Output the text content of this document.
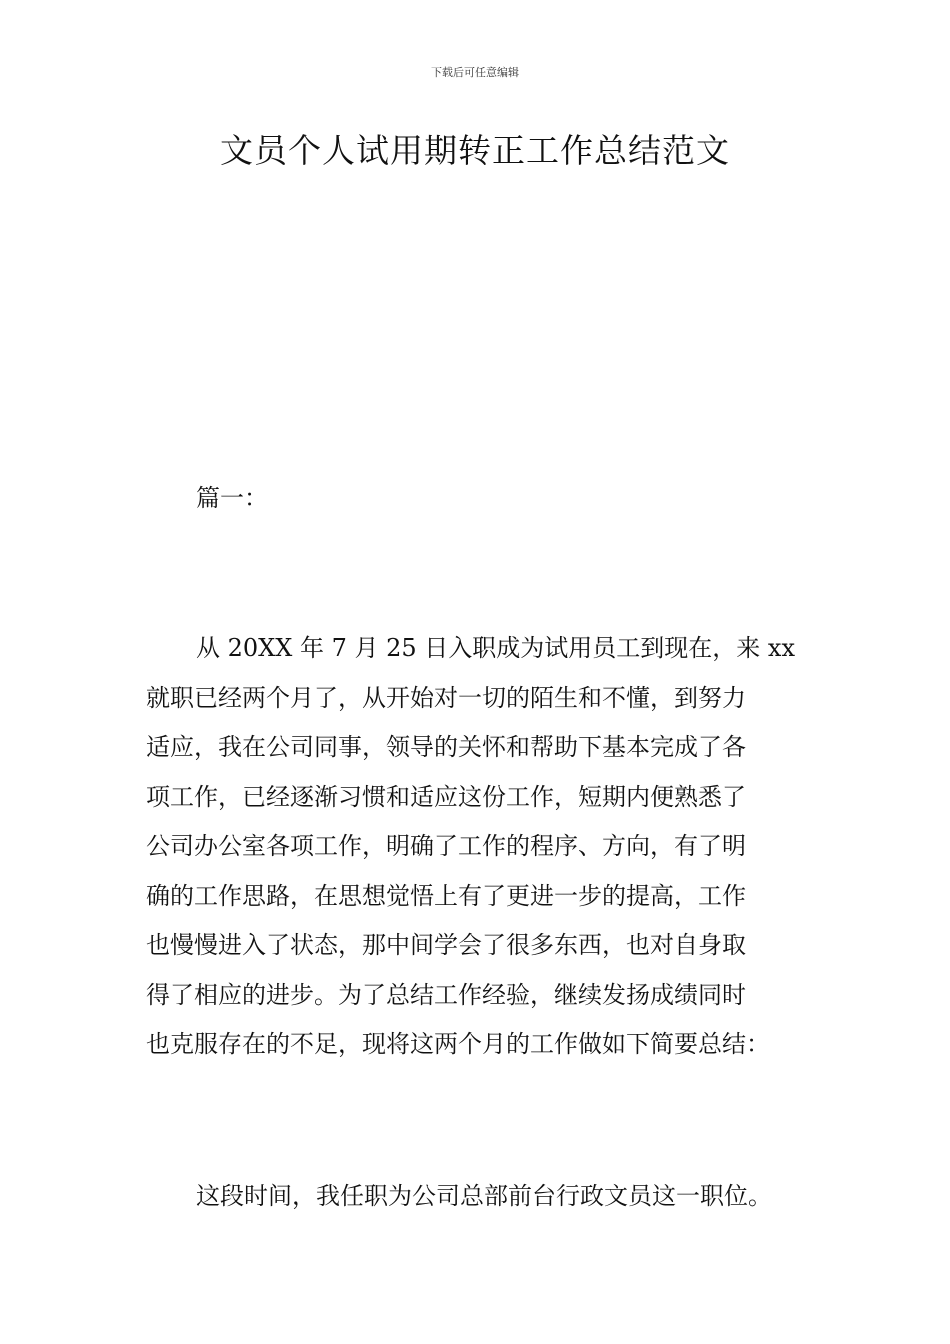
下载后可任意编辑
文员个人试用期转正工作总结范文

篇一：

从 20XX 年 7 月 25 日入职成为试用员工到现在，来 xx
就职已经两个月了，从开始对一切的陌生和不懂，到努力
适应，我在公司同事，领导的关怀和帮助下基本完成了各
项工作，已经逐渐习惯和适应这份工作，短期内便熟悉了
公司办公室各项工作，明确了工作的程序、方向，有了明
确的工作思路，在思想觉悟上有了更进一步的提高，工作
也慢慢进入了状态，那中间学会了很多东西，也对自身取
得了相应的进步。为了总结工作经验，继续发扬成绩同时
也克服存在的不足，现将这两个月的工作做如下简要总结：

这段时间，我任职为公司总部前台行政文员这一职位。
